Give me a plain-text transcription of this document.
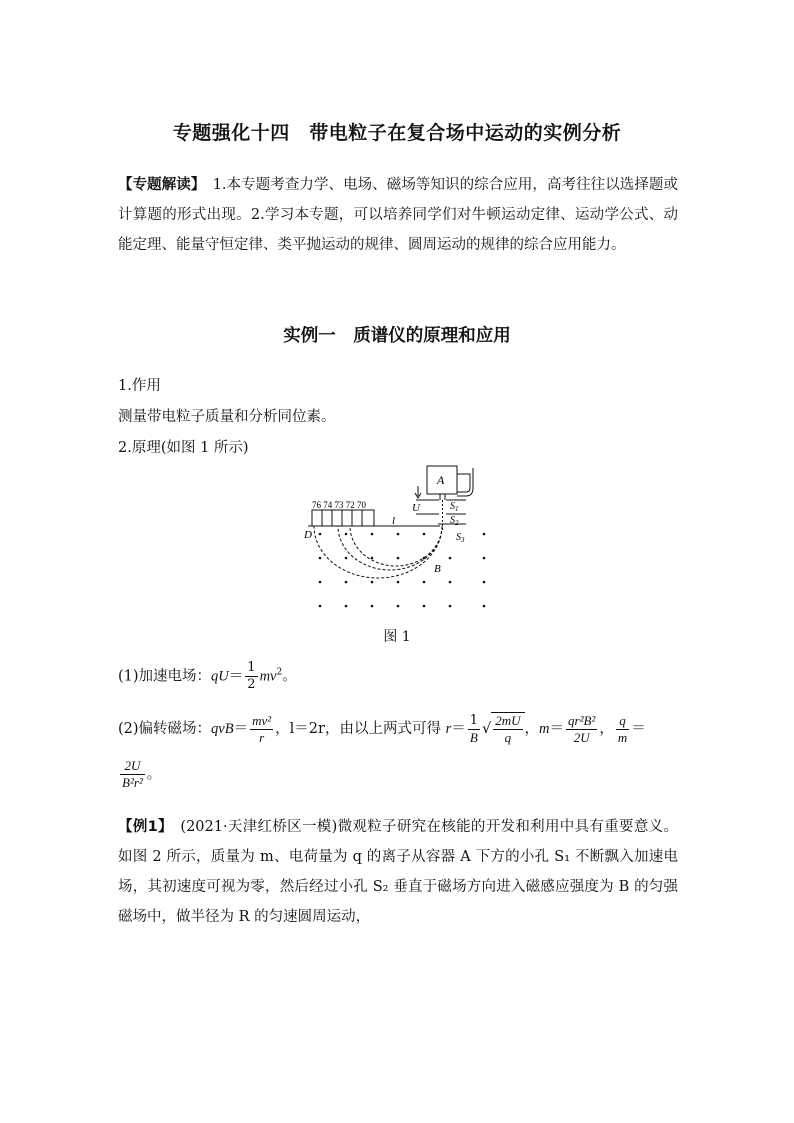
专题强化十四　带电粒子在复合场中运动的实例分析
【专题解读】　1.本专题考查力学、电场、磁场等知识的综合应用，高考往往以选择题或计算题的形式出现。2.学习本专题，可以培养同学们对牛顿运动定律、运动学公式、动能定理、能量守恒定律、类平抛运动的规律、圆周运动的规律的综合应用能力。
实例一　质谱仪的原理和应用
1.作用
测量带电粒子质量和分析同位素。
2.原理(如图 1 所示)
A
$S_1$
$S_2$
U
$S_3$
76 74 73 72 70
l
D
B
图 1
(1)加速电场：$qU= \frac{1}{2} mv^2$。
(2)偏转磁场：$qvB= \frac{\text{mv²}}{r}$ ，l＝2r，由以上两式可得 $r= \frac{1}{B}$ √ $\frac{2mU}{q}$ ，$m= \frac{\text{qr²B²}}{2U}$ ， $\frac{q}{m}$ ＝
$\frac{2U}{\text{B²r²}}$ 。
【例1】　(2021·天津红桥区一模)微观粒子研究在核能的开发和利用中具有重要意义。如图 2 所示，质量为 m、电荷量为 q 的离子从容器 A 下方的小孔 S₁ 不断飘入加速电场，其初速度可视为零，然后经过小孔 S₂ 垂直于磁场方向进入磁感应强度为 B 的匀强磁场中，做半径为 R 的匀速圆周运动，
